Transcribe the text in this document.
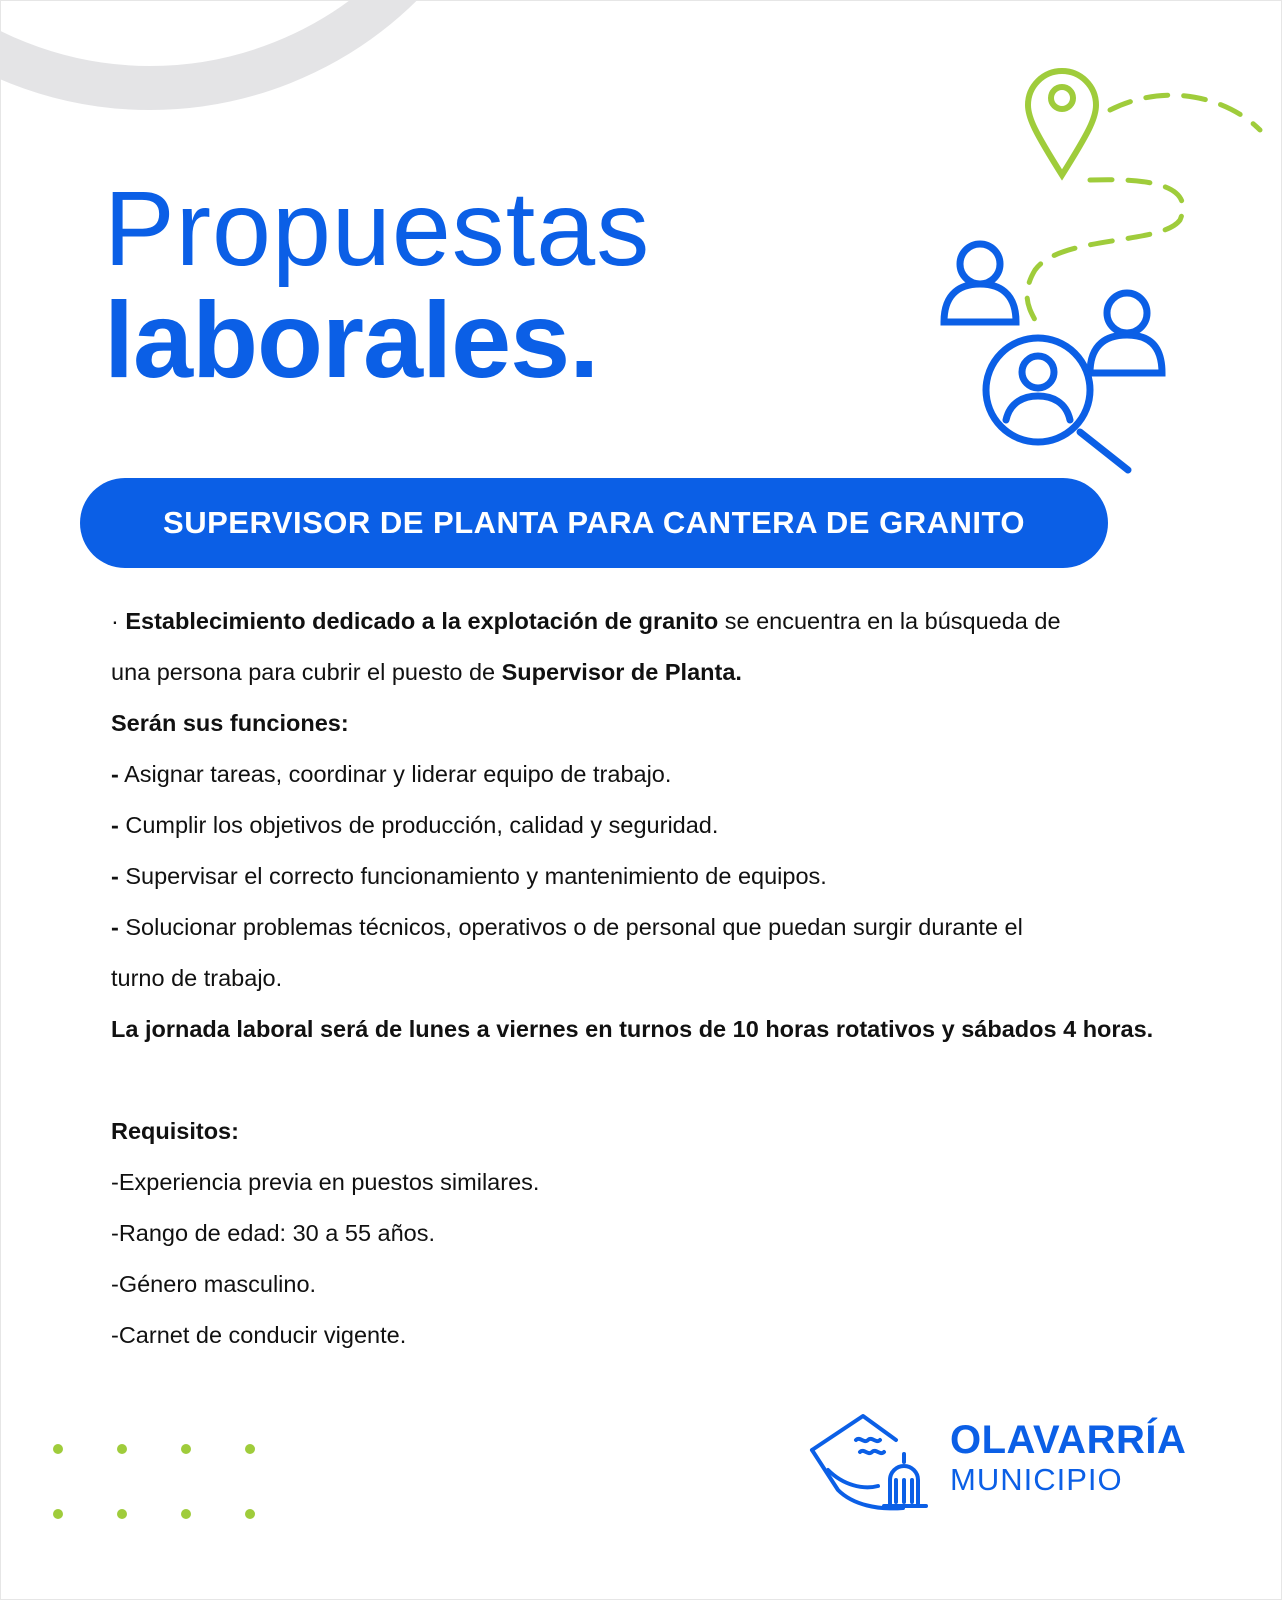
Propuestas
laborales.
SUPERVISOR DE PLANTA PARA CANTERA DE GRANITO

· Establecimiento dedicado a la explotación de granito se encuentra en la búsqueda de

una persona para cubrir el puesto de Supervisor de Planta.

Serán sus funciones:

- Asignar tareas, coordinar y liderar equipo de trabajo.

- Cumplir los objetivos de producción, calidad y seguridad.

- Supervisar el correcto funcionamiento y mantenimiento de equipos.

- Solucionar problemas técnicos, operativos o de personal que puedan surgir durante el

turno de trabajo.

La jornada laboral será de lunes a viernes en turnos de 10 horas rotativos y sábados 4 horas.

Requisitos:

-Experiencia previa en puestos similares.

-Rango de edad: 30 a 55 años.

-Género masculino.

-Carnet de conducir vigente.

OLAVARRÍA
MUNICIPIO
